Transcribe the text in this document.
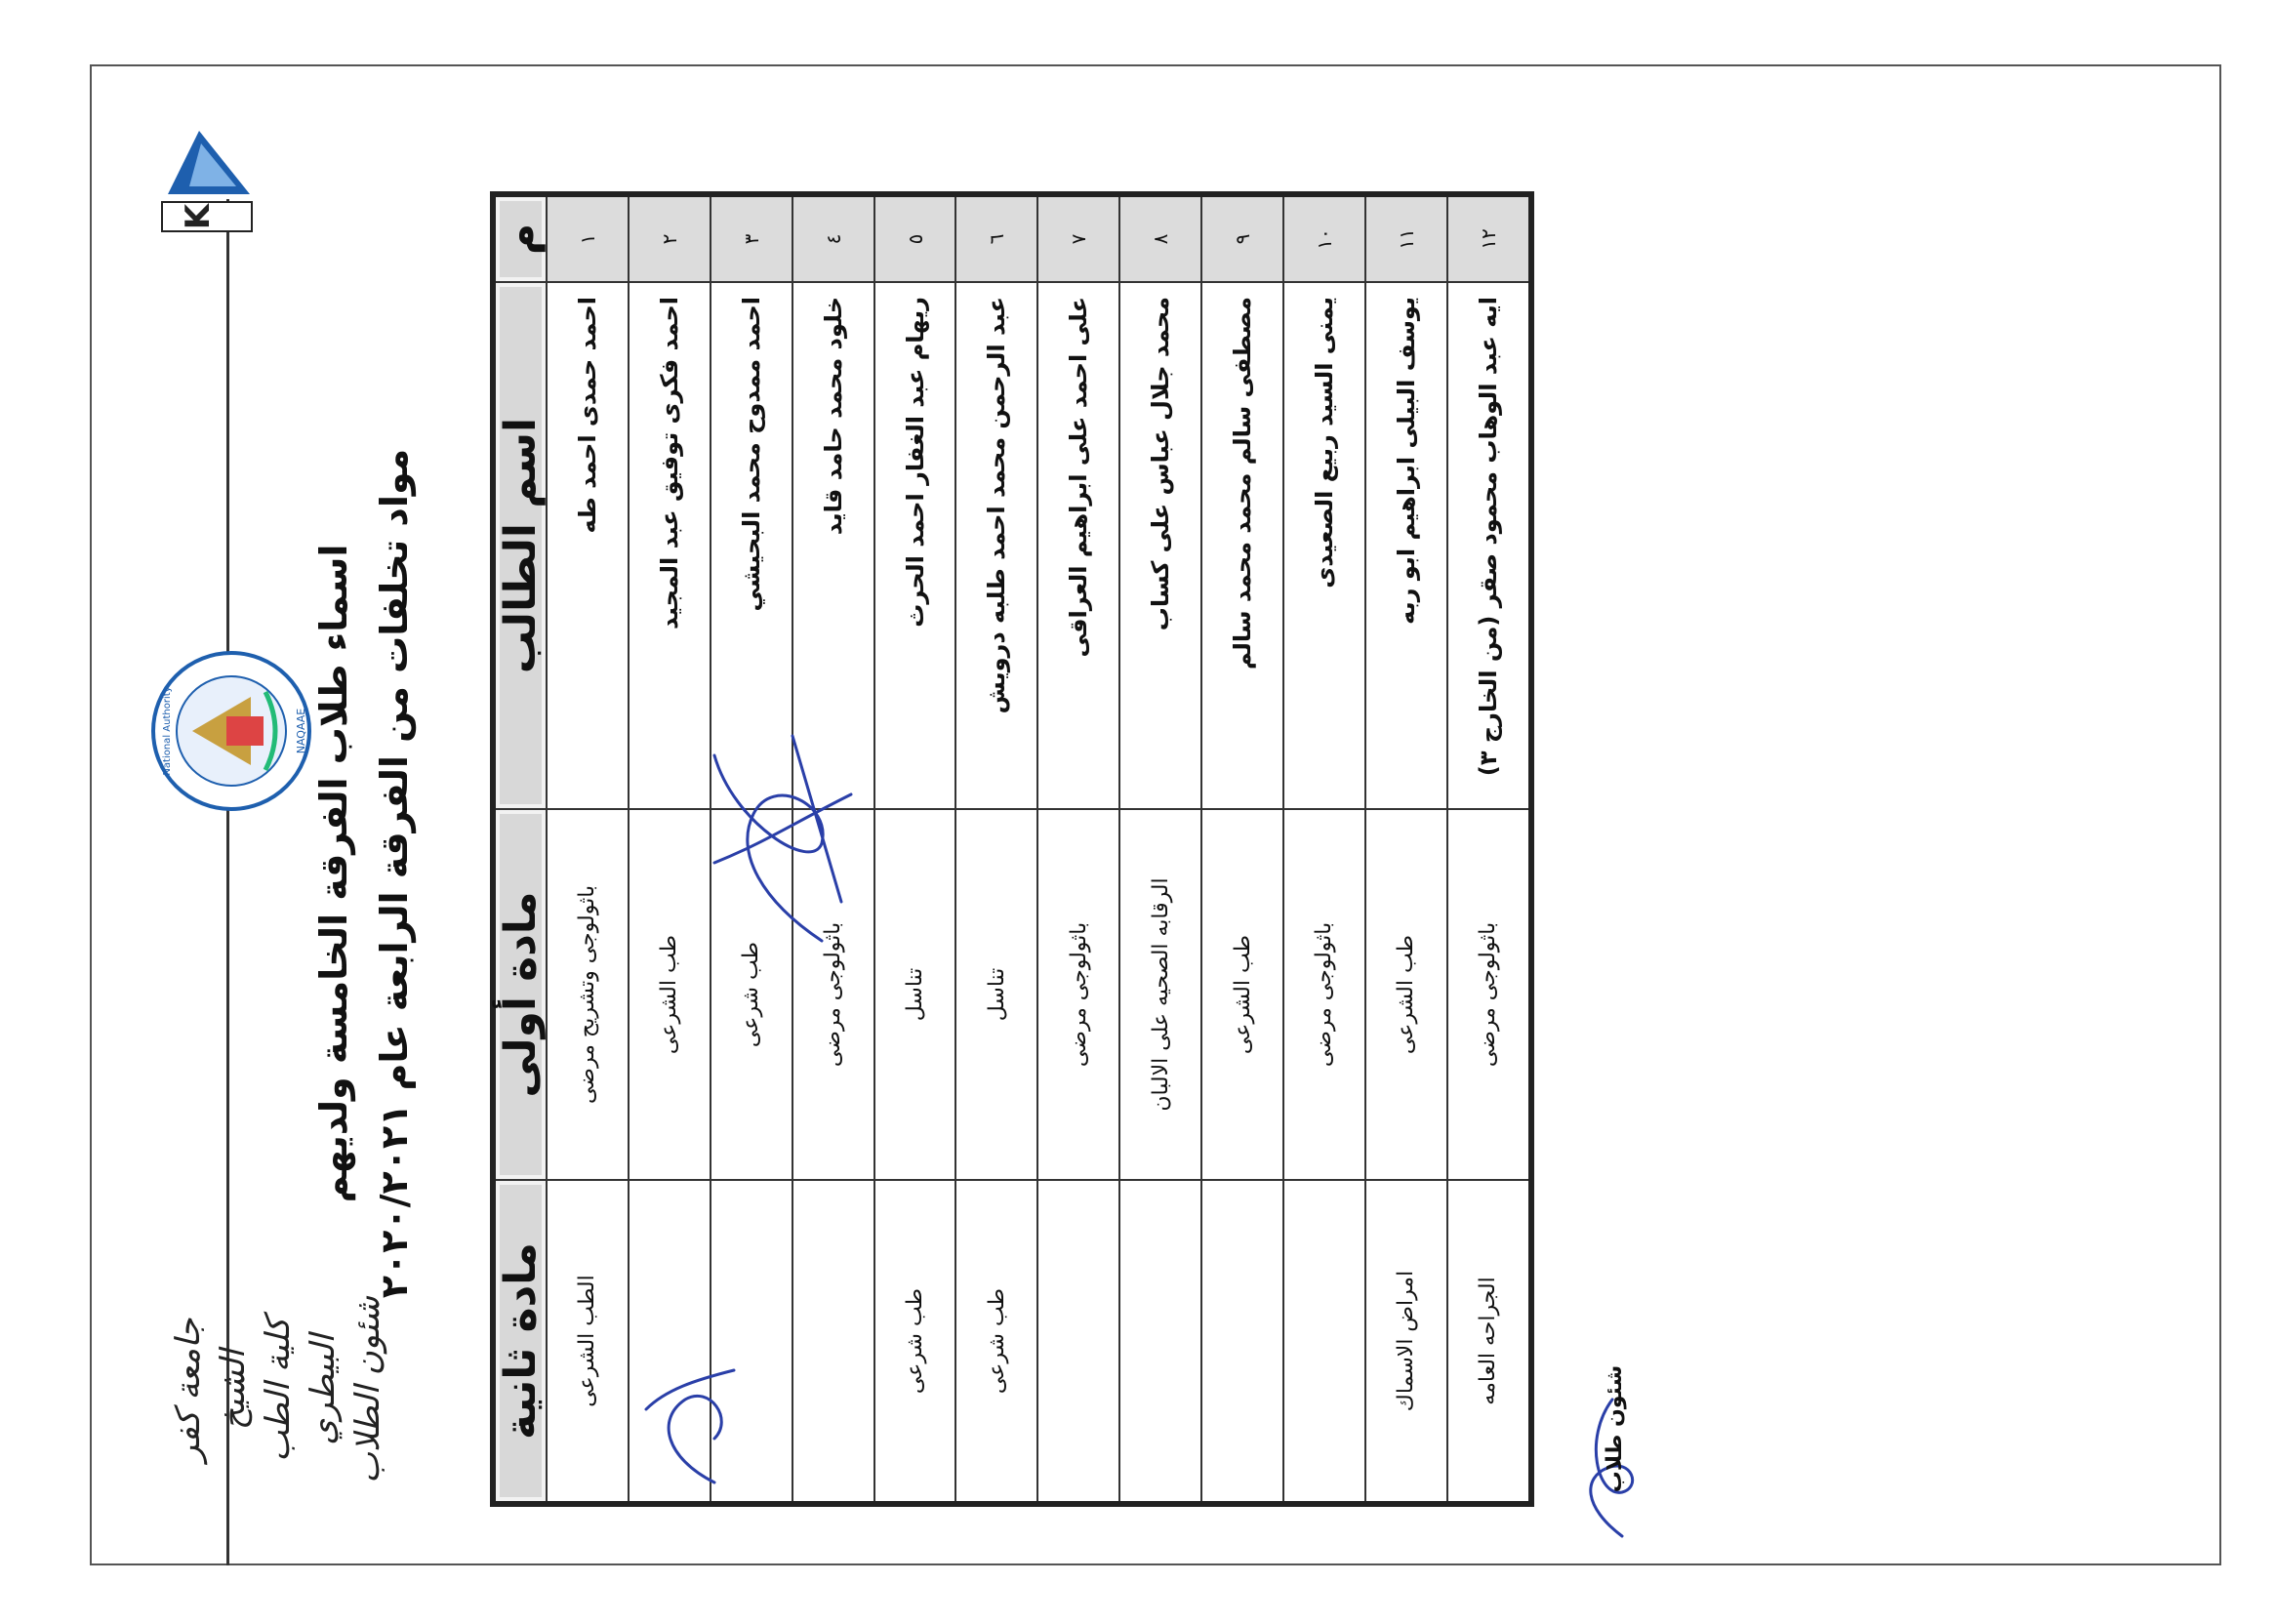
جامعة كفر الشيخ كلية الطب البيطري شئون الطلاب
National Authority	NAQAAE
K
اسماء طلاب الفرقة الخامسة ولديهم مواد تخلفات من الفرقة الرابعة عام ٢٠٢٠/٢٠٢١
م	اسم الطالب	مادة أولى	مادة ثانية
١	احمد حمدى احمد طه	باثولوجى وتشريح مرضى	الطب الشرعى
٢	احمد فكرى توفيق عبد المجيد	طب الشرعى	
٣	احمد ممدوح محمد البحيشي	طب شرعى	
٤	خلود محمد حامد قايد	باثولوجى مرضى	
٥	ريهام عبد الغفار احمد الحرث	تناسل	طب شرعى
٦	عبد الرحمن محمد احمد طلبه درويش	تناسل	طب شرعى
٧	على احمد على ابراهيم العراقى	باثولوجى مرضى	
٨	محمد جلال عباس على كساب	الرقابه الصحيه على الالبان	
٩	مصطفى سالم محمد محمد سالم	طب الشرعى	
١٠	يمنى السيد ربيع الصعيدى	باثولوجى مرضى	
١١	يوسف البيلى ابراهيم ابو ربه	طب الشرعى	امراض الاسماك
١٢	ايه عبد الوهاب محمود صقر (من الخارج ٣)	باثولوجى مرضى	الجراحه العامه
شئون طلاب
